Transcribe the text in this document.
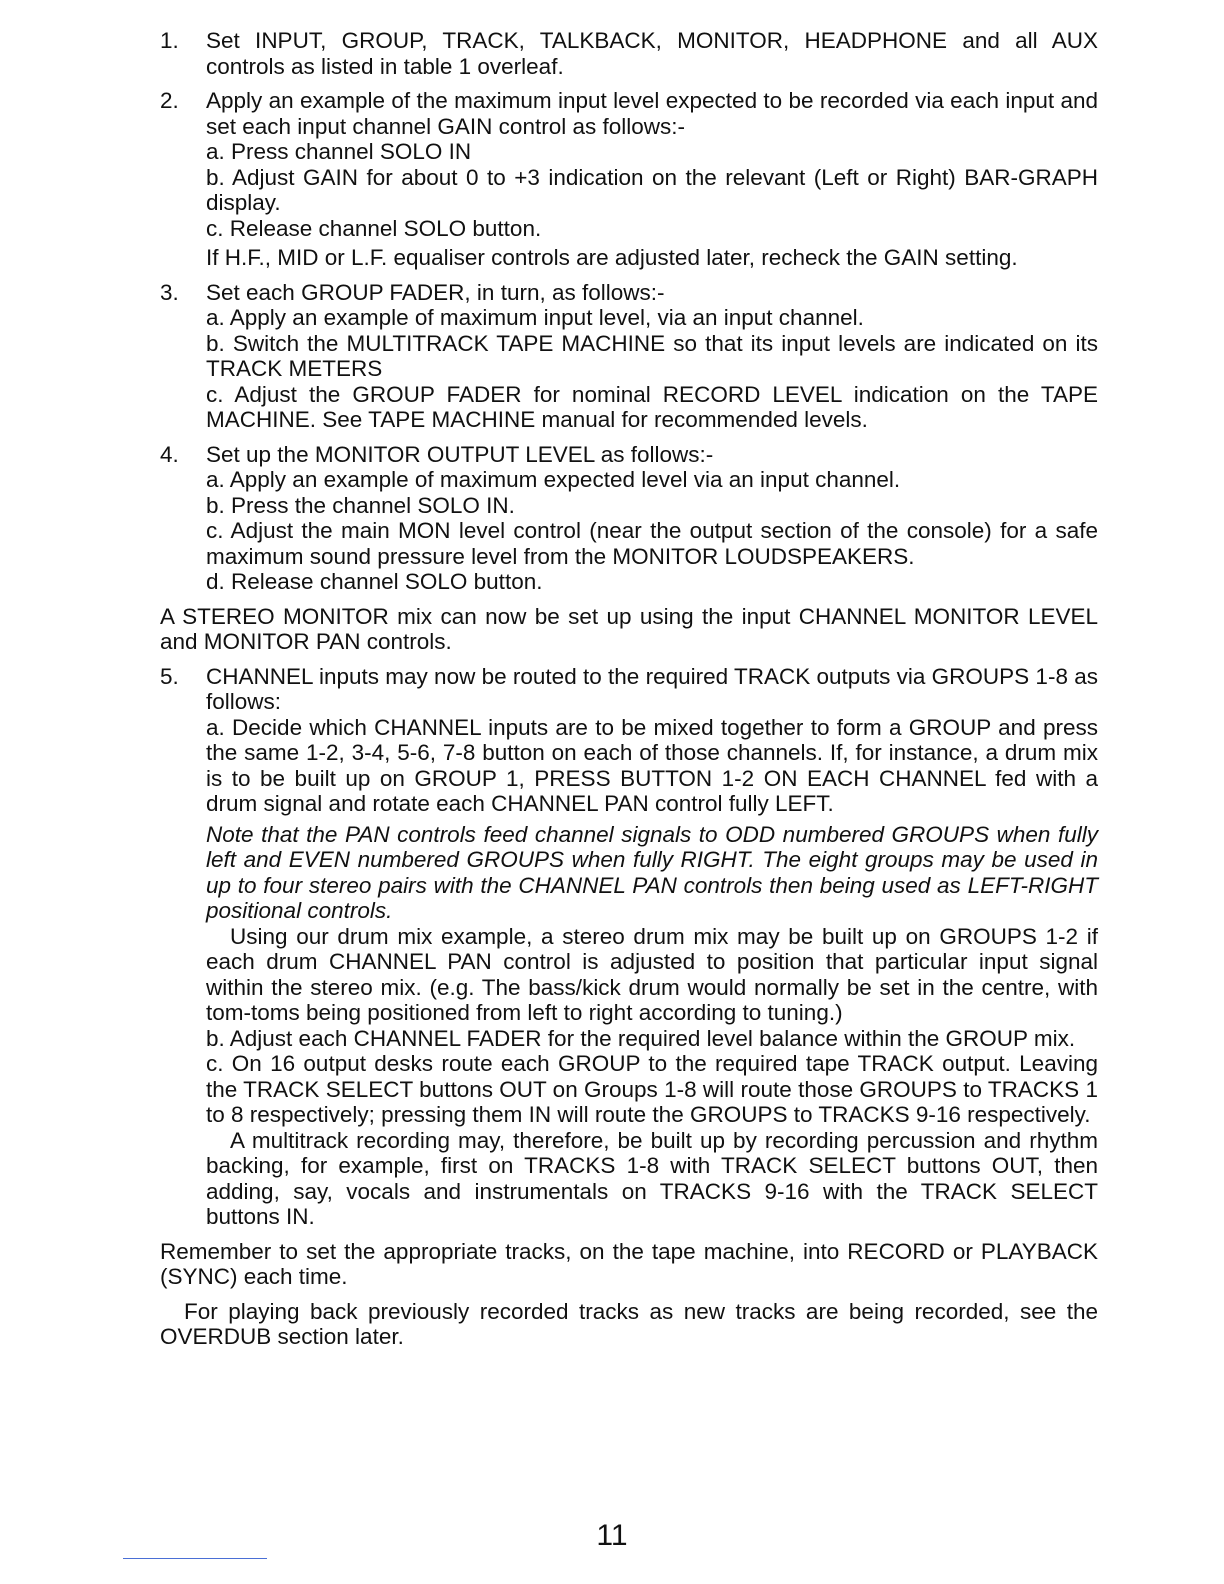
1.	Set INPUT, GROUP, TRACK, TALKBACK, MONITOR, HEADPHONE and all AUX controls as listed in table 1 overleaf.
2.	Apply an example of the maximum input level expected to be recorded via each input and set each input channel GAIN control as follows:-
a. Press channel SOLO IN
b. Adjust GAIN for about 0 to +3 indication on the relevant (Left or Right) BAR-GRAPH display.
c. Release channel SOLO button.
If H.F., MID or L.F. equaliser controls are adjusted later, recheck the GAIN setting.
3.	Set each GROUP FADER, in turn, as follows:-
a. Apply an example of maximum input level, via an input channel.
b. Switch the MULTITRACK TAPE MACHINE so that its input levels are indicated on its TRACK METERS
c. Adjust the GROUP FADER for nominal RECORD LEVEL indication on the TAPE MACHINE. See TAPE MACHINE manual for recommended levels.
4.	Set up the MONITOR OUTPUT LEVEL as follows:-
a. Apply an example of maximum expected level via an input channel.
b. Press the channel SOLO IN.
c. Adjust the main MON level control (near the output section of the console) for a safe maximum sound pressure level from the MONITOR LOUDSPEAKERS.
d. Release channel SOLO button.
A STEREO MONITOR mix can now be set up using the input CHANNEL MONITOR LEVEL and MONITOR PAN controls.
5.	CHANNEL inputs may now be routed to the required TRACK outputs via GROUPS 1-8 as follows:
a. Decide which CHANNEL inputs are to be mixed together to form a GROUP and press the same 1-2, 3-4, 5-6, 7-8 button on each of those channels. If, for instance, a drum mix is to be built up on GROUP 1, PRESS BUTTON 1-2 ON EACH CHANNEL fed with a drum signal and rotate each CHANNEL PAN control fully LEFT.
Note that the PAN controls feed channel signals to ODD numbered GROUPS when fully left and EVEN numbered GROUPS when fully RIGHT. The eight groups may be used in up to four stereo pairs with the CHANNEL PAN controls then being used as LEFT-RIGHT positional controls.
Using our drum mix example, a stereo drum mix may be built up on GROUPS 1-2 if each drum CHANNEL PAN control is adjusted to position that particular input signal within the stereo mix. (e.g. The bass/kick drum would normally be set in the centre, with tom-toms being positioned from left to right according to tuning.)
b. Adjust each CHANNEL FADER for the required level balance within the GROUP mix.
c. On 16 output desks route each GROUP to the required tape TRACK output. Leaving the TRACK SELECT buttons OUT on Groups 1-8 will route those GROUPS to TRACKS 1 to 8 respectively; pressing them IN will route the GROUPS to TRACKS 9-16 respectively.
A multitrack recording may, therefore, be built up by recording percussion and rhythm backing, for example, first on TRACKS 1-8 with TRACK SELECT buttons OUT, then adding, say, vocals and instrumentals on TRACKS 9-16 with the TRACK SELECT buttons IN.
Remember to set the appropriate tracks, on the tape machine, into RECORD or PLAYBACK (SYNC) each time.
For playing back previously recorded tracks as new tracks are being recorded, see the OVERDUB section later.
11
